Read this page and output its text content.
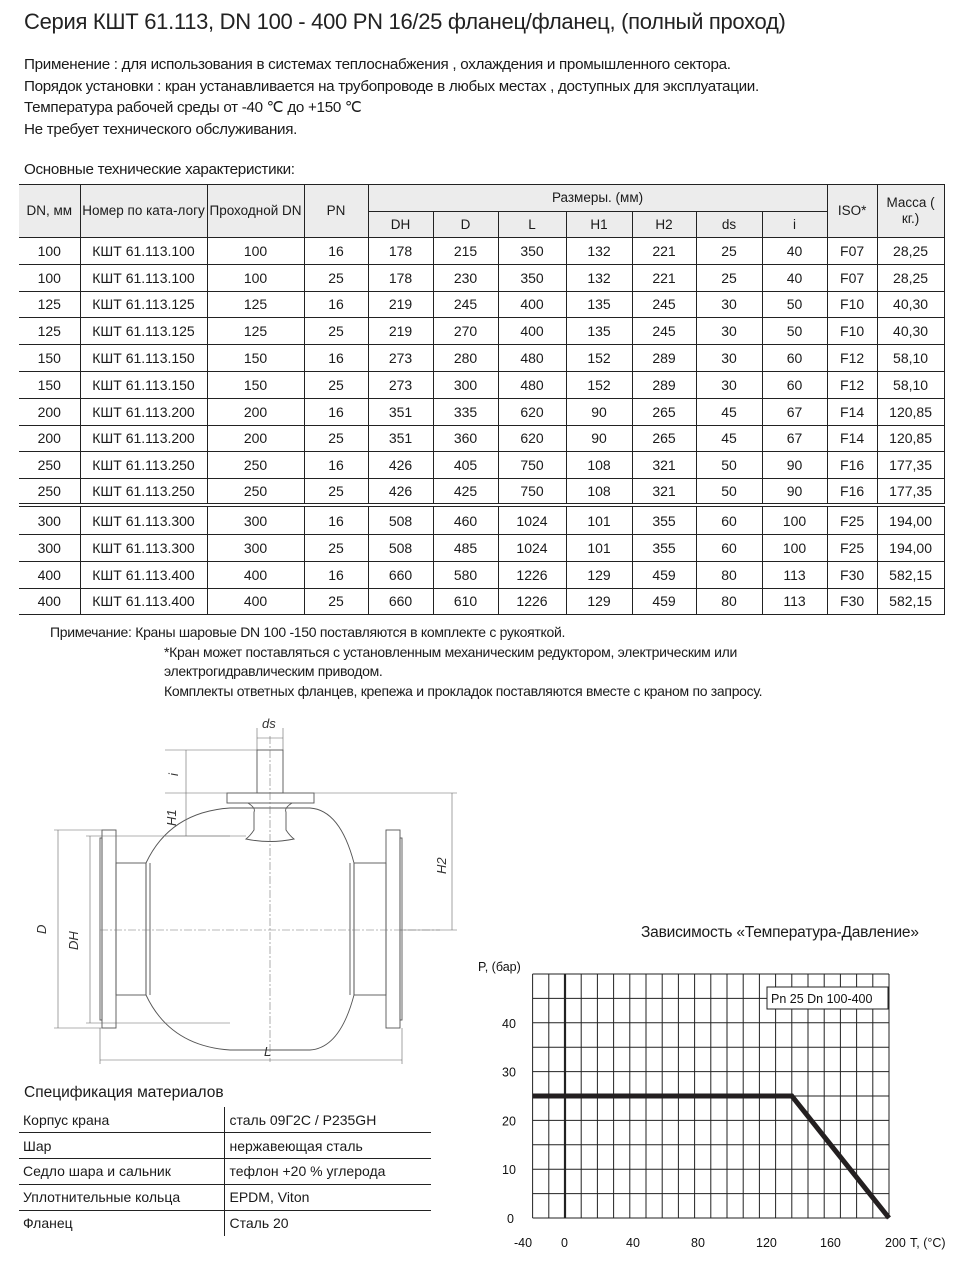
Серия КШТ 61.113, DN 100 - 400 PN 16/25 фланец/фланец, (полный проход)
Применение : для использования в системах теплоснабжения , охлаждения и промышленного сектора.
Порядок установки : кран устанавливается на трубопроводе в любых местах , доступных для эксплуатации.
Температура рабочей среды от -40 ℃ до +150 ℃
Не требует технического обслуживания.
Основные технические характеристики:
DN, мм	Номер по ката-логу	Проходной DN	PN	Размеры. (мм)							ISO*	Масса ( кг.)
				DH	D	L	H1	H2	ds	i		
100	КШТ 61.113.100	100	16	178	215	350	132	221	25	40	F07	28,25
100	КШТ 61.113.100	100	25	178	230	350	132	221	25	40	F07	28,25
125	КШТ 61.113.125	125	16	219	245	400	135	245	30	50	F10	40,30
125	КШТ 61.113.125	125	25	219	270	400	135	245	30	50	F10	40,30
150	КШТ 61.113.150	150	16	273	280	480	152	289	30	60	F12	58,10
150	КШТ 61.113.150	150	25	273	300	480	152	289	30	60	F12	58,10
200	КШТ 61.113.200	200	16	351	335	620	90	265	45	67	F14	120,85
200	КШТ 61.113.200	200	25	351	360	620	90	265	45	67	F14	120,85
250	КШТ 61.113.250	250	16	426	405	750	108	321	50	90	F16	177,35
250	КШТ 61.113.250	250	25	426	425	750	108	321	50	90	F16	177,35
300	КШТ 61.113.300	300	16	508	460	1024	101	355	60	100	F25	194,00
300	КШТ 61.113.300	300	25	508	485	1024	101	355	60	100	F25	194,00
400	КШТ 61.113.400	400	16	660	580	1226	129	459	80	113	F30	582,15
400	КШТ 61.113.400	400	25	660	610	1226	129	459	80	113	F30	582,15
Примечание: Краны шаровые DN 100 -150 поставляются в комплекте с рукояткой.
*Кран может поставляться с установленным механическим редуктором, электрическим или
электрогидравлическим приводом.
Комплекты ответных фланцев, крепежа и прокладок поставляются вместе с краном по запросу.
ds
i
H1
H2
D
DH
L
Спецификация материалов
Корпус крана	сталь 09Г2С / P235GH
Шар	нержавеющая сталь
Седло шара и сальник	тефлон +20 % углерода
Уплотнительные кольца	EPDM, Viton
Фланец	Сталь 20
Зависимость «Температура-Давление»
-40 0	40	80	120	160	200
0
10
20
30
40
P, (бар)
T, (°C)
Pn 25 Dn 100-400
